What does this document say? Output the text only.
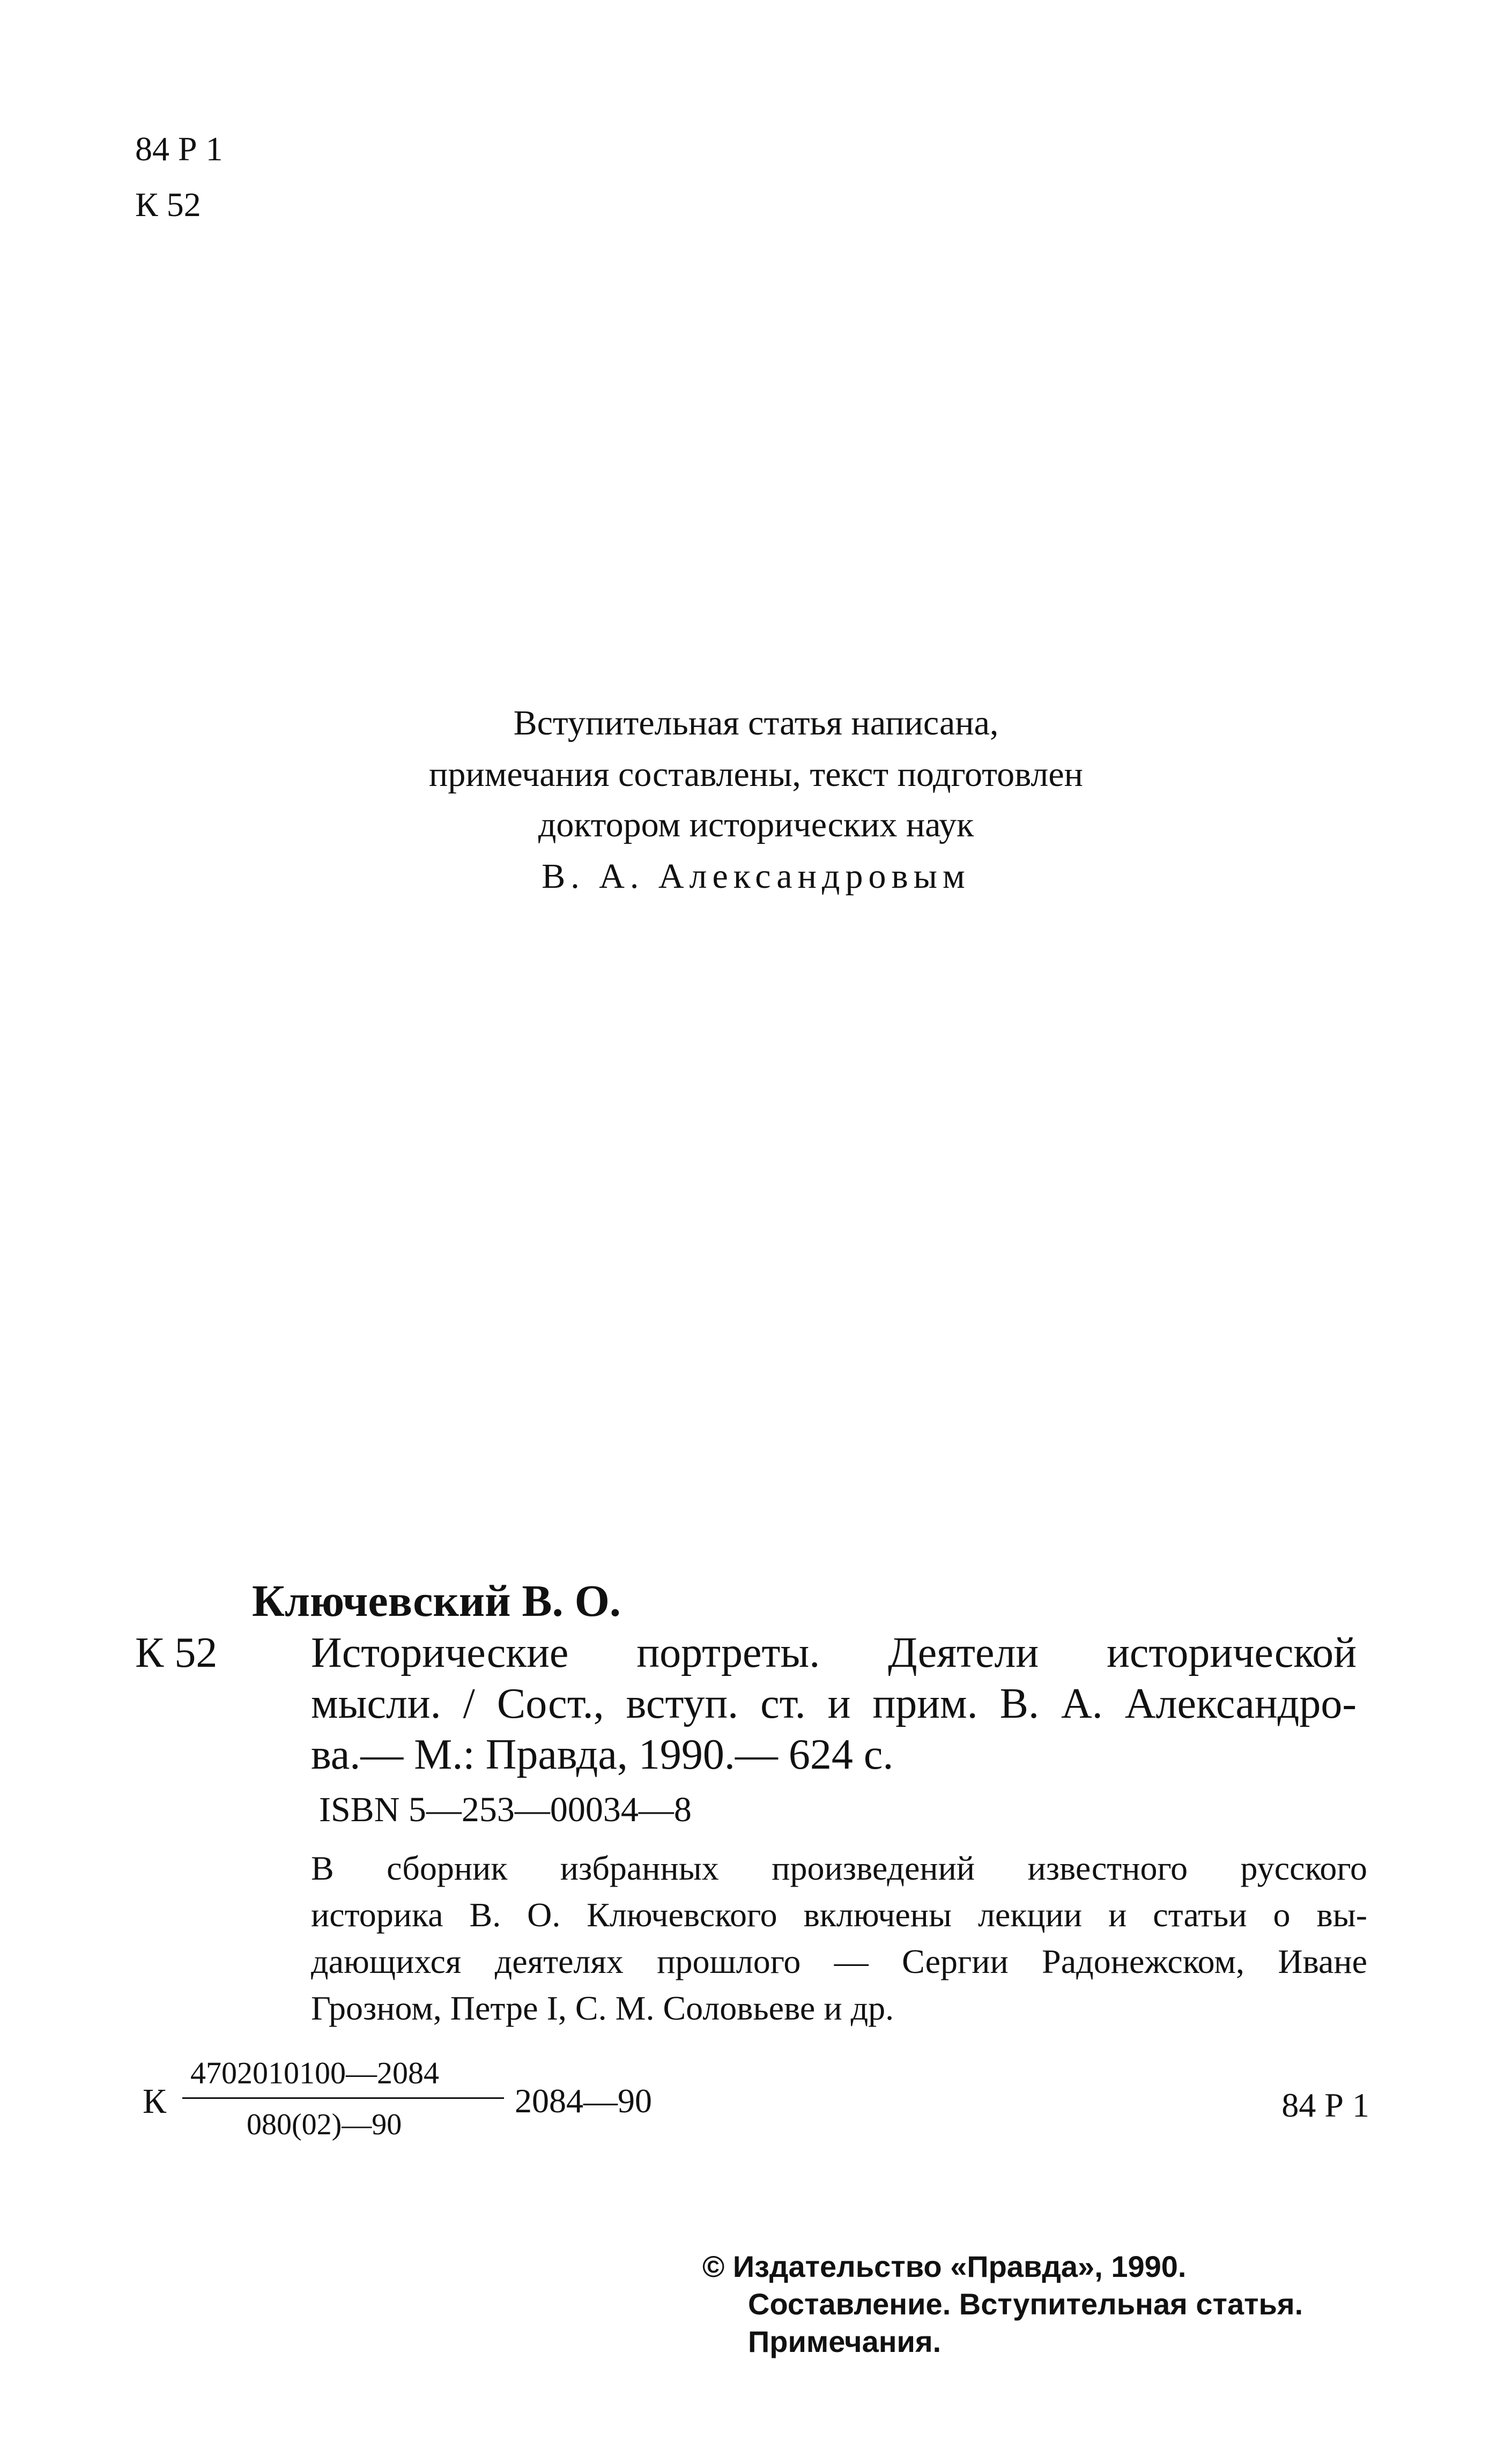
84 Р 1
К 52
Вступительная статья написана,
примечания составлены, текст подготовлен
доктором исторических наук
В. А. Александровым
Ключевский В. О.
К 52 Исторические портреты. Деятели исторической
мысли. / Сост., вступ. ст. и прим. В. А. Александро-
ва.— М.: Правда, 1990.— 624 с.
ISBN 5—253—00034—8
В сборник избранных произведений известного русского
историка В. О. Ключевского включены лекции и статьи о вы-
дающихся деятелях прошлого — Сергии Радонежском, Иване
Грозном, Петре I, С. М. Соловьеве и др.
К
4702010100—2084
080(02)—90
2084—90	84 Р 1
© Издательство «Правда», 1990.
Составление. Вступительная статья.
Примечания.
